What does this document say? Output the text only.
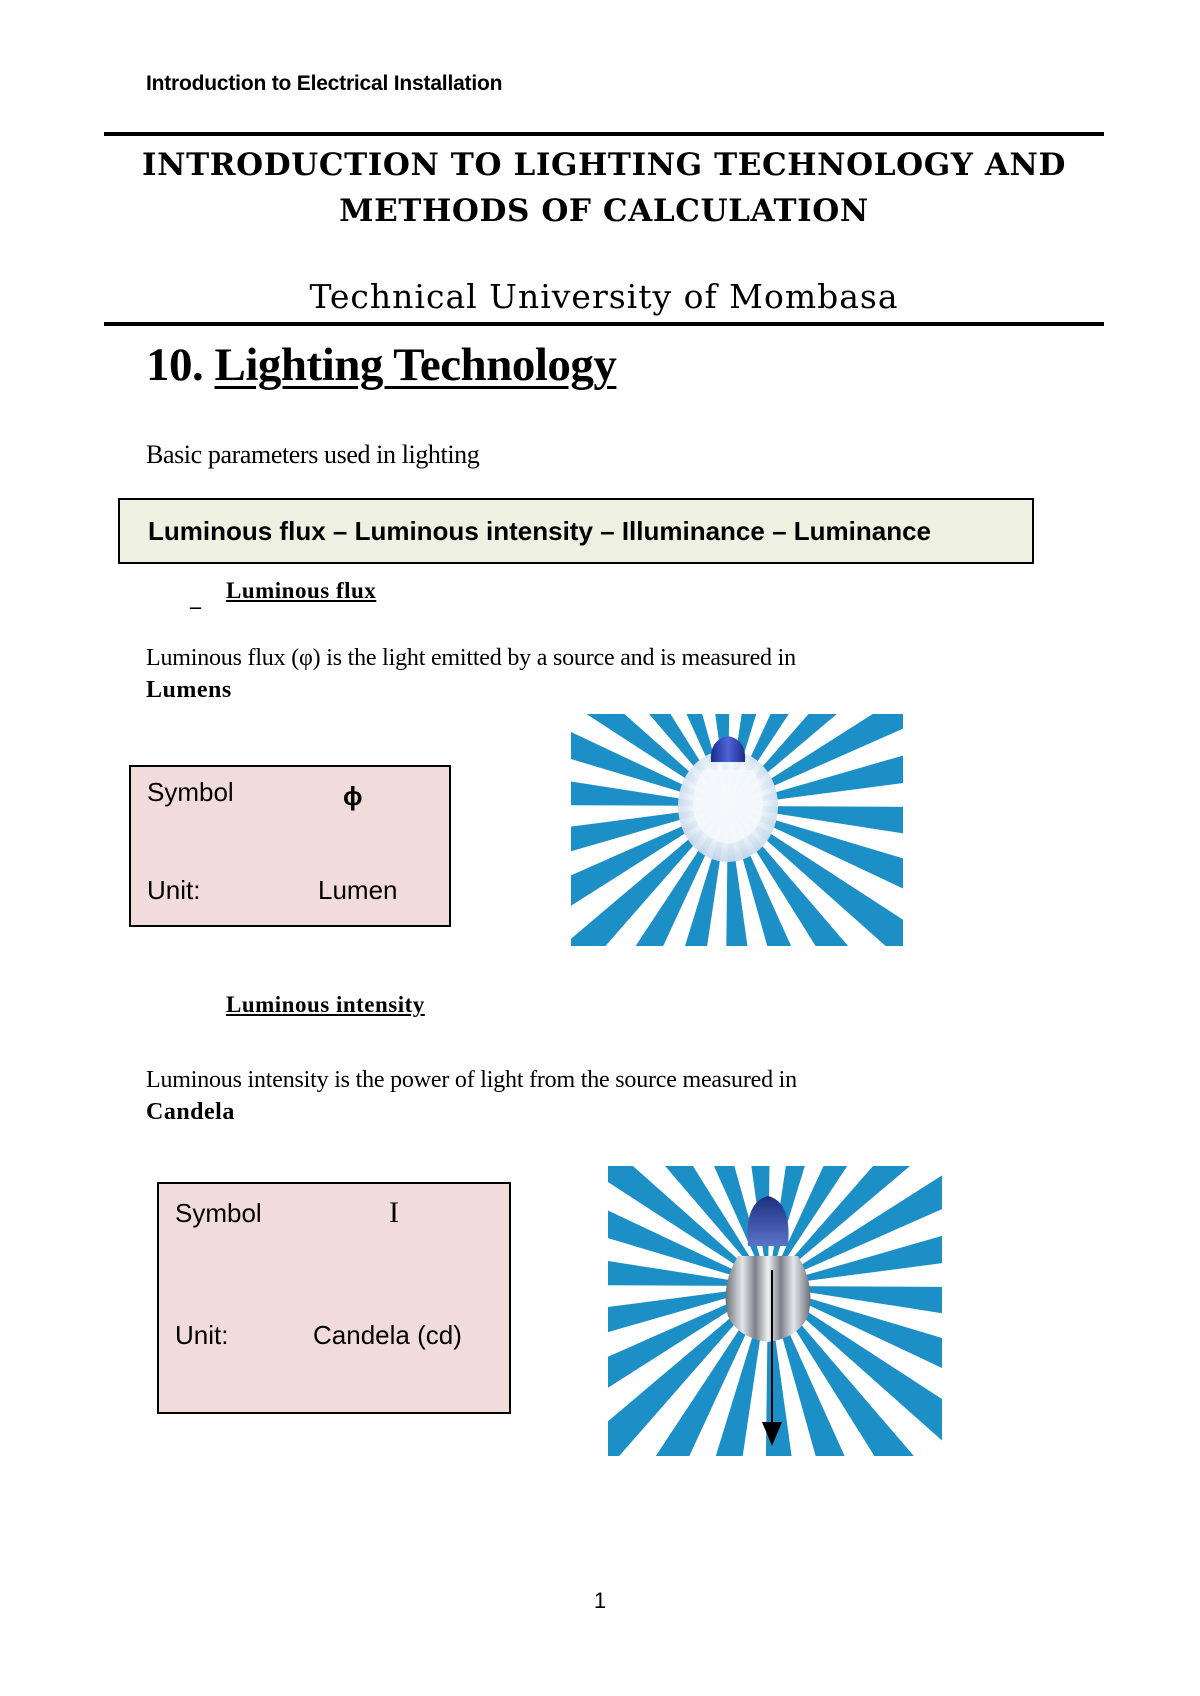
Introduction to Electrical Installation
INTRODUCTION TO LIGHTING TECHNOLOGY AND
METHODS OF CALCULATION
Technical University of Mombasa
10. Lighting Technology
Basic parameters used in lighting
Luminous flux – Luminous intensity – Illuminance – Luminance
_ Luminous flux
Luminous flux (φ) is the light emitted by a source and is measured in
Lumens
Symbol	ɸ
Unit:	Lumen
Luminous intensity
Luminous intensity is the power of light from the source measured in
Candela
Symbol	I
Unit:	Candela (cd)
1
